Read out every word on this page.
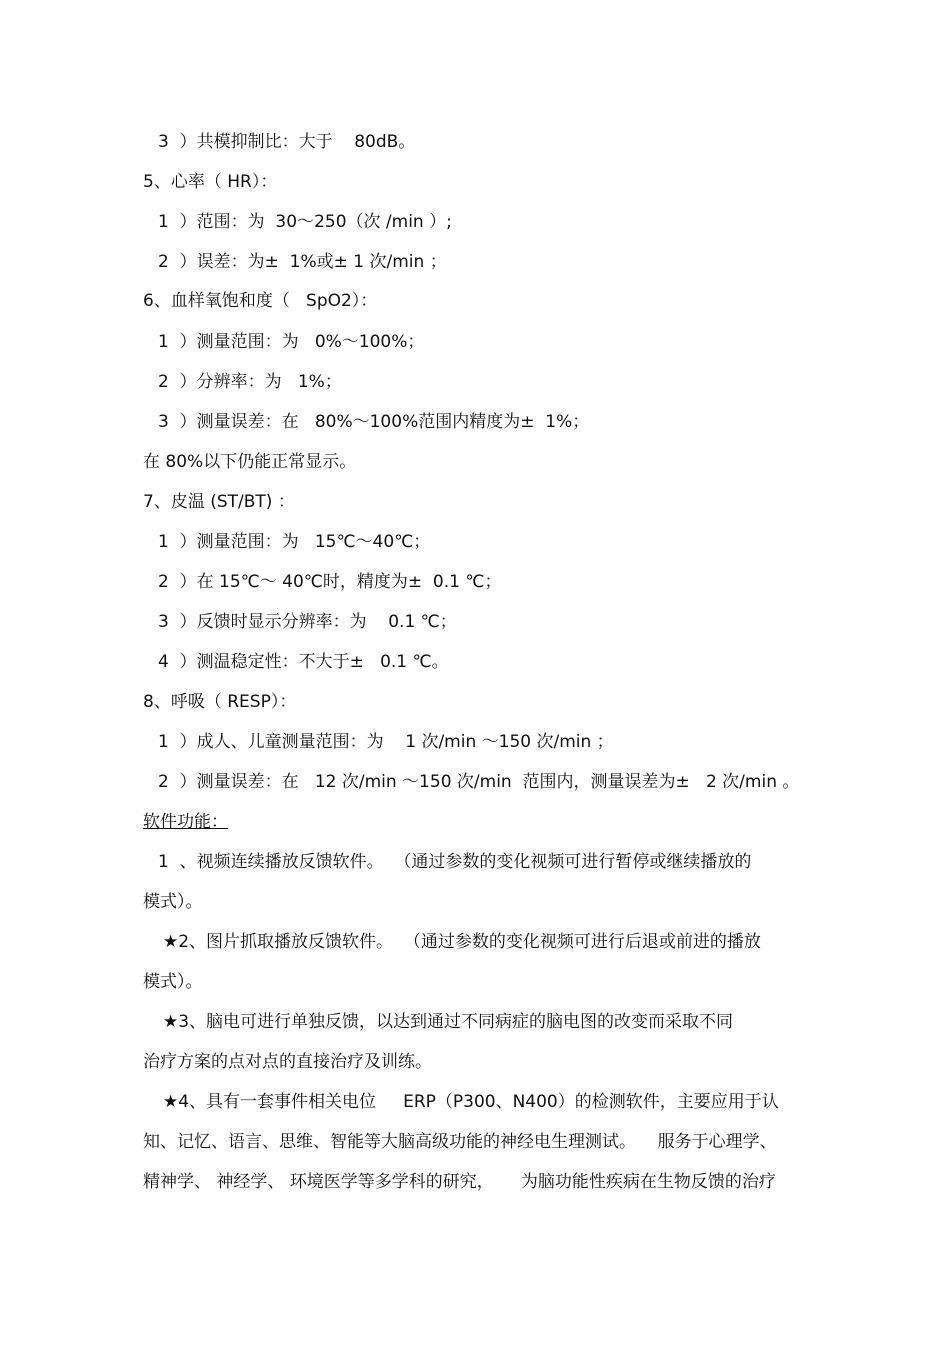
3  ）共模抑制比：大于    80dB。
5、心率（ HR）：
1  ）范围：为  30～250（次 /min ）;
2  ）误差：为±  1%或± 1 次/min ；
6、血样氧饱和度（   SpO2）：
1  ）测量范围：为   0%～100%；
2  ）分辨率：为   1%；
3  ）测量误差：在   80%～100%范围内精度为±  1%；
在 80%以下仍能正常显示。
7、皮温 (ST/BT) ：
1  ）测量范围：为   15℃～40℃；
2  ）在 15℃～ 40℃时，精度为±  0.1 ℃；
3  ）反馈时显示分辨率：为    0.1 ℃；
4  ）测温稳定性：不大于±   0.1 ℃。
8、呼吸（ RESP）：
1  ）成人、儿童测量范围：为    1 次/min ～150 次/min ；
2  ）测量误差：在   12 次/min ～150 次/min  范围内，测量误差为±   2 次/min 。
软件功能：
1  、视频连续播放反馈软件。  （通过参数的变化视频可进行暂停或继续播放的
模式）。
★2、图片抓取播放反馈软件。  （通过参数的变化视频可进行后退或前进的播放
模式）。
★3、脑电可进行单独反馈，以达到通过不同病症的脑电图的改变而采取不同
治疗方案的点对点的直接治疗及训练。
★4、具有一套事件相关电位     ERP（P300、N400）的检测软件，主要应用于认
知、记忆、语言、思维、智能等大脑高级功能的神经电生理测试。    服务于心理学、
精神学、 神经学、 环境医学等多学科的研究，     为脑功能性疾病在生物反馈的治疗
